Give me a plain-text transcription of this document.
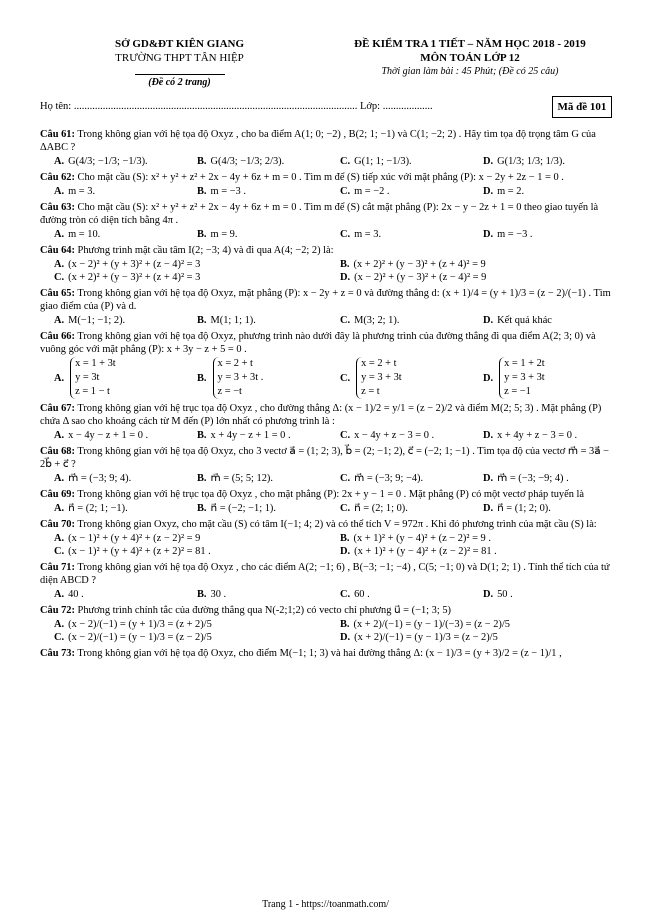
SỞ GD&ĐT KIÊN GIANG
TRƯỜNG THPT TÂN HIỆP
(Đề có 2 trang)
ĐỀ KIỂM TRA 1 TIẾT – NĂM HỌC 2018 - 2019
MÔN TOÁN LỚP 12
Thời gian làm bài : 45 Phút; (Đề có 25 câu)
Họ tên: ............................................................................................................ Lớp: ...................	Mã đề 101
Câu 61: Trong không gian với hệ tọa độ Oxyz , cho ba điểm A(1; 0; −2) , B(2; 1; −1) và C(1; −2; 2) . Hãy tìm tọa độ trọng tâm G của ΔABC ?
A. G(4/3; −1/3; −1/3).	B. G(4/3; −1/3; 2/3).	C. G(1; 1; −1/3).	D. G(1/3; 1/3; 1/3).
Câu 62: Cho mặt cầu (S): x² + y² + z² + 2x − 4y + 6z + m = 0 . Tìm m để (S) tiếp xúc với mặt phẳng (P): x − 2y + 2z − 1 = 0 .
A. m = 3.	B. m = −3 .	C. m = −2 .	D. m = 2.
Câu 63: Cho mặt cầu (S): x² + y² + z² + 2x − 4y + 6z + m = 0 . Tìm m để (S) cắt mặt phẳng (P): 2x − y − 2z + 1 = 0 theo giao tuyến là đường tròn có diện tích bằng 4π .
A. m = 10.	B. m = 9.	C. m = 3.	D. m = −3 .
Câu 64: Phương trình mặt cầu tâm I(2; −3; 4) và đi qua A(4; −2; 2) là:
A. (x − 2)² + (y + 3)² + (z − 4)² = 3	B. (x + 2)² + (y − 3)² + (z + 4)² = 9
C. (x + 2)² + (y − 3)² + (z + 4)² = 3	D. (x − 2)² + (y − 3)² + (z − 4)² = 9
Câu 65: Trong không gian với hệ tọa độ Oxyz, mặt phẳng (P): x − 2y + z = 0 và đường thẳng d: (x + 1)/4 = (y + 1)/3 = (z − 2)/(−1) . Tìm giao điểm của (P) và d.
A. M(−1; −1; 2).	B. M(1; 1; 1).	C. M(3; 2; 1).	D. Kết quả khác
Câu 66: Trong không gian với hệ tọa độ Oxyz, phương trình nào dưới đây là phương trình của đường thẳng đi qua điểm A(2; 3; 0) và vuông góc với mặt phẳng (P): x + 3y − z + 5 = 0 .
A.
x = 1 + 3t
y = 3t
z = 1 − t
B.
x = 2 + t
y = 3 + 3t .
z = −t
C.
x = 2 + t
y = 3 + 3t
z = t
D.
x = 1 + 2t
y = 3 + 3t
z = −1
Câu 67: Trong không gian với hệ trục tọa độ Oxyz , cho đường thẳng Δ: (x − 1)/2 = y/1 = (z − 2)/2 và điểm M(2; 5; 3) . Mặt phẳng (P) chứa Δ sao cho khoảng cách từ M đến (P) lớn nhất có phương trình là :
A. x − 4y − z + 1 = 0 .	B. x + 4y − z + 1 = 0 .	C. x − 4y + z − 3 = 0 .	D. x + 4y + z − 3 = 0 .
Câu 68: Trong không gian với hệ tọa độ Oxyz, cho 3 vectơ a⃗ = (1; 2; 3), b⃗ = (2; −1; 2), c⃗ = (−2; 1; −1) . Tìm tọa độ của vectơ m⃗ = 3a⃗ − 2b⃗ + c⃗ ?
A. m⃗ = (−3; 9; 4).	B. m⃗ = (5; 5; 12).	C. m⃗ = (−3; 9; −4).	D. m⃗ = (−3; −9; 4) .
Câu 69: Trong không gian với hệ trục tọa độ Oxyz , cho mặt phẳng (P): 2x + y − 1 = 0 . Mặt phẳng (P) có một vectơ pháp tuyến là
A. n⃗ = (2; 1; −1).	B. n⃗ = (−2; −1; 1).	C. n⃗ = (2; 1; 0).	D. n⃗ = (1; 2; 0).
Câu 70: Trong không gian Oxyz, cho mặt cầu (S) có tâm I(−1; 4; 2) và có thể tích V = 972π . Khi đó phương trình của mặt cầu (S) là:
A. (x − 1)² + (y + 4)² + (z − 2)² = 9	B. (x + 1)² + (y − 4)² + (z − 2)² = 9 .
C. (x − 1)² + (y + 4)² + (z + 2)² = 81 .	D. (x + 1)² + (y − 4)² + (z − 2)² = 81 .
Câu 71: Trong không gian với hệ tọa độ Oxyz , cho các điểm A(2; −1; 6) , B(−3; −1; −4) , C(5; −1; 0) và D(1; 2; 1) . Tính thể tích của tứ diện ABCD ?
A. 40 .	B. 30 .	C. 60 .	D. 50 .
Câu 72: Phương trình chính tắc của đường thẳng qua N(-2;1;2) có vecto chỉ phương u⃗ = (−1; 3; 5)
A. (x − 2)/(−1) = (y + 1)/3 = (z + 2)/5	B. (x + 2)/(−1) = (y − 1)/(−3) = (z − 2)/5
C. (x − 2)/(−1) = (y − 1)/3 = (z − 2)/5	D. (x + 2)/(−1) = (y − 1)/3 = (z − 2)/5
Câu 73: Trong không gian với hệ tọa độ Oxyz, cho điểm M(−1; 1; 3) và hai đường thẳng Δ: (x − 1)/3 = (y + 3)/2 = (z − 1)/1 ,
Trang 1 - https://toanmath.com/
